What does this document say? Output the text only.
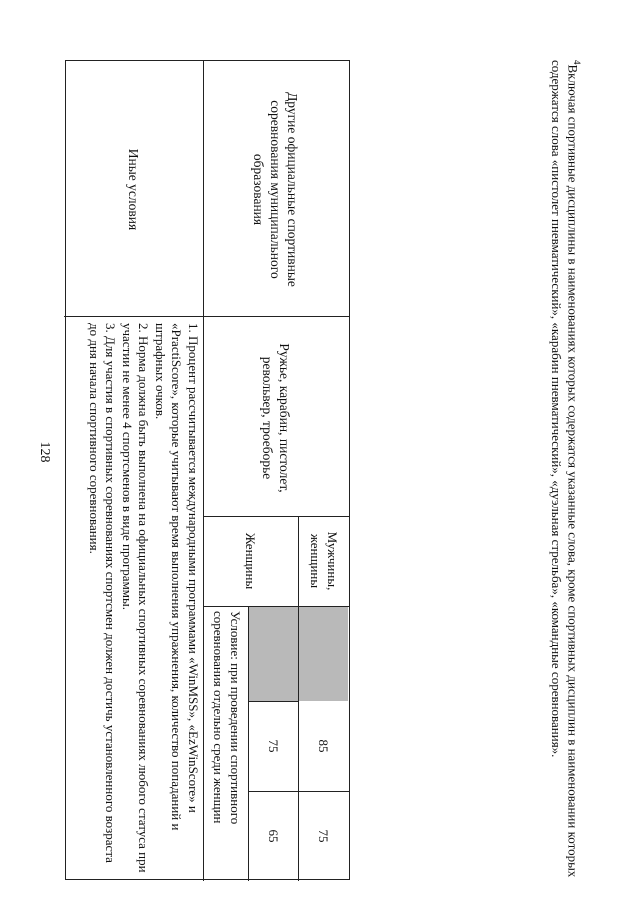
128
Другие официальные спортивные соревнования муниципального образования
Ружье, карабин, пистолет, револьвер, троеборье
Мужчины, женщины
Женщины
85
75
75
65
Условие: при проведении спортивного соревнования отдельно среди женщин
Иные условия
1. Процент рассчитывается международными программами «WinMSS», «EzWinScore» и «PractiScore», которые учитывают время выполнения упражнения, количество попаданий и штрафных очков.
2. Норма должна быть выполнена на официальных спортивных соревнованиях любого статуса при участии не менее 4 спортсменов в виде программы.
3. Для участия в спортивных соревнованиях спортсмен должен достичь установленного возраста до дня начала спортивного соревнования.
$^4$Включая спортивные дисциплины в наименованиях которых содержатся указанные слова, кроме спортивных дисциплин в наименовании которых содержатся слова «пистолет пневматический», «карабин пневматический», «дуэльная стрельба», «командные соревнования».
